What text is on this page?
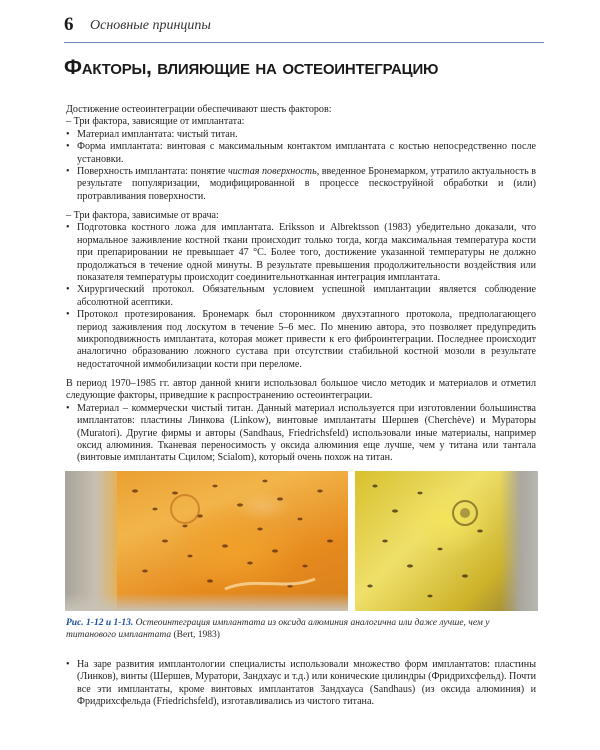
6 Основные принципы
Факторы, влияющие на остеоинтеграцию

Достижение остеоинтеграции обеспечивают шесть факторов:

– Три фактора, зависящие от имплантата:

• Материал имплантата: чистый титан.
• Форма имплантата: винтовая с максимальным контактом имплантата с костью непосредственно после установки.
• Поверхность имплантата: понятие чистая поверхность, введенное Бронемарком, утратило актуальность в результате популяризации, модифицированной в процессе пескоструйной обработки и (или) протравливания поверхности.

– Три фактора, зависимые от врача:

• Подготовка костного ложа для имплантата. Eriksson и Albrektsson (1983) убедительно доказали, что нормальное заживление костной ткани происходит только тогда, когда максимальная температура кости при препарировании не превышает 47 °C. Более того, достижение указанной температуры не должно продолжаться в течение одной минуты. В результате превышения продолжительности воздействия или показателя температуры происходит соединительнотканная интеграция имплантата.
• Хирургический протокол. Обязательным условием успешной имплантации является соблюдение абсолютной асептики.
• Протокол протезирования. Бронемарк был сторонником двухэтапного протокола, предполагающего период заживления под лоскутом в течение 5–6 мес. По мнению автора, это позволяет предупредить микроподвижность имплантата, которая может привести к его фиброинтеграции. Последнее происходит аналогично образованию ложного сустава при отсутствии стабильной костной мозоли в результате недостаточной иммобилизации кости при переломе.

В период 1970–1985 гг. автор данной книги использовал большое число методик и материалов и отметил следующие факторы, приведшие к распространению остеоинтеграции.

• Материал – коммерчески чистый титан. Данный материал используется при изготовлении большинства имплантатов: пластины Линкова (Linkow), винтовые имплантаты Шершев (Cherchève) и Мураторы (Muratori). Другие фирмы и авторы (Sandhaus, Friedrichsfeld) использовали иные материалы, например оксид алюминия. Тканевая переносимость у оксида алюминия еще лучше, чем у титана или тантала (винтовые имплантаты Сцилом; Scialom), который очень похож на титан.
Рис. 1-12 и 1-13. Остеоинтеграция имплантата из оксида алюминия аналогична или даже лучше, чем у титанового имплантата (Bert, 1983)
• На заре развития имплантологии специалисты использовали множество форм имплантатов: пластины (Линков), винты (Шершев, Муратори, Зандхаус и т.д.) или конические цилиндры (Фридрихсфельд). Почти все эти имплантаты, кроме винтовых имплантатов Зандхауса (Sandhaus) (из оксида алюминия) и Фридрихсфельда (Friedrichsfeld), изготавливались из чистого титана.
